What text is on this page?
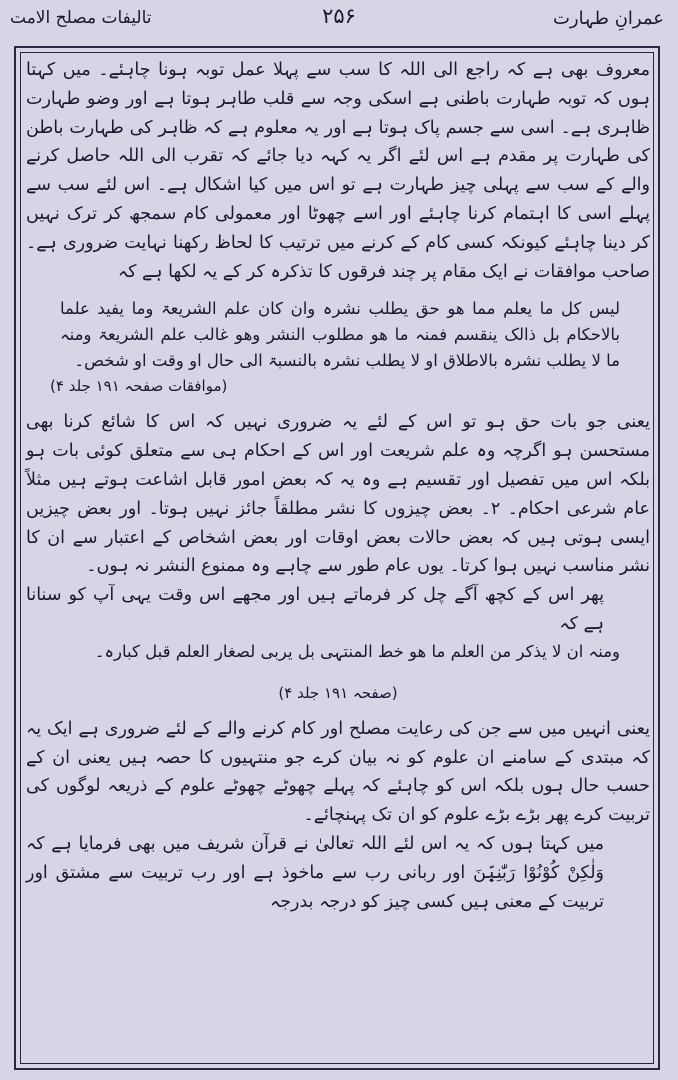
تالیفات مصلح الامت	۲۵۶	عمرانِ طہارت

معروف بھی ہے کہ راجع الی اللہ کا سب سے پہلا عمل توبہ ہونا چاہئے۔ میں کہتا ہوں کہ توبہ طہارت باطنی ہے اسکی وجہ سے قلب طاہر ہوتا ہے اور وضو طہارت ظاہری ہے۔ اسی سے جسم پاک ہوتا ہے اور یہ معلوم ہے کہ ظاہر کی طہارت باطن کی طہارت پر مقدم ہے اس لئے اگر یہ کہہ دیا جائے کہ تقرب الی اللہ حاصل کرنے والے کے سب سے پہلی چیز طہارت ہے تو اس میں کیا اشکال ہے۔ اس لئے سب سے پہلے اسی کا اہتمام کرنا چاہئے اور اسے چھوٹا اور معمولی کام سمجھ کر ترک نہیں کر دینا چاہئے کیونکہ کسی کام کے کرنے میں ترتیب کا لحاظ رکھنا نہایت ضروری ہے۔ صاحب موافقات نے ایک مقام پر چند فرقوں کا تذکرہ کر کے یہ لکھا ہے کہ

لیس کل ما یعلم مما ھو حق یطلب نشرہ وان کان علم الشریعۃ وما یفید علما بالاحکام بل ذالک ینقسم فمنہ ما ھو مطلوب النشر وھو غالب علم الشریعۃ ومنہ ما لا یطلب نشرہ بالاطلاق او لا یطلب نشرہ بالنسبۃ الی حال او وقت او شخص۔

(موافقات صفحہ ۱۹۱ جلد ۴)

یعنی جو بات حق ہو تو اس کے لئے یہ ضروری نہیں کہ اس کا شائع کرنا بھی مستحسن ہو اگرچہ وہ علم شریعت اور اس کے احکام ہی سے متعلق کوئی بات ہو بلکہ اس میں تفصیل اور تقسیم ہے وہ یہ کہ بعض امور قابل اشاعت ہوتے ہیں مثلاً عام شرعی احکام۔ ۲۔ بعض چیزوں کا نشر مطلقاً جائز نہیں ہوتا۔ اور بعض چیزیں ایسی ہوتی ہیں کہ بعض حالات بعض اوقات اور بعض اشخاص کے اعتبار سے ان کا نشر مناسب نہیں ہوا کرتا۔ یوں عام طور سے چاہے وہ ممنوع النشر نہ ہوں۔

پھر اس کے کچھ آگے چل کر فرماتے ہیں اور مجھے اس وقت یہی آپ کو سنانا ہے کہ

ومنہ ان لا یذکر من العلم ما ھو خط المنتہی بل یربی لصغار العلم قبل کبارہ۔

(صفحہ ۱۹۱ جلد ۴)

یعنی انہیں میں سے جن کی رعایت مصلح اور کام کرنے والے کے لئے ضروری ہے ایک یہ کہ مبتدی کے سامنے ان علوم کو نہ بیان کرے جو منتہیوں کا حصہ ہیں یعنی ان کے حسب حال ہوں بلکہ اس کو چاہئے کہ پہلے چھوٹے چھوٹے علوم کے ذریعہ لوگوں کی تربیت کرے پھر بڑے بڑے علوم کو ان تک پہنچائے۔

میں کہتا ہوں کہ یہ اس لئے اللہ تعالیٰ نے قرآن شریف میں بھی فرمایا ہے کہ وَلٰکِنْ کُوْنُوْا رَبّٰنِیّٖنَ اور ربانی رب سے ماخوذ ہے اور رب تربیت سے مشتق اور تربیت کے معنی ہیں کسی چیز کو درجہ بدرجہ
